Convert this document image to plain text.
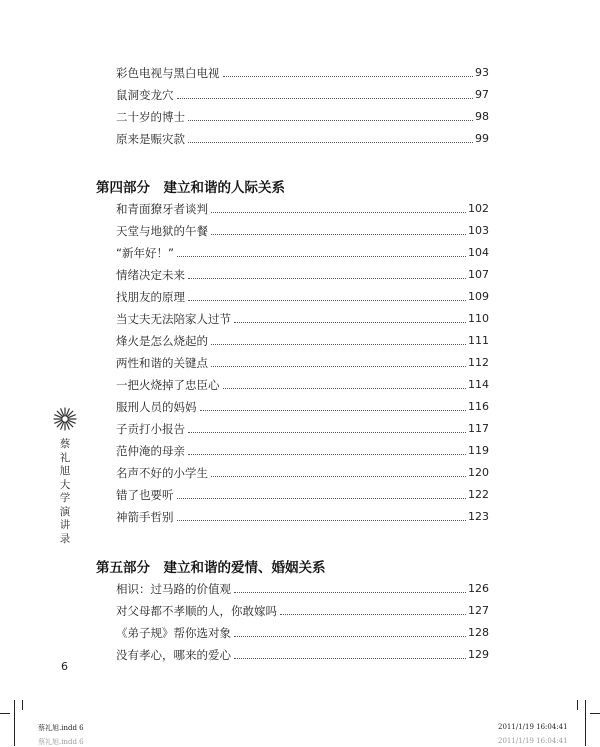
彩色电视与黑白电视	93
鼠洞变龙穴	97
二十岁的博士	98
原来是赈灾款	99
第四部分　建立和谐的人际关系
和青面獠牙者谈判	102
天堂与地狱的午餐	103
“新年好！”	104
情绪决定未来	107
找朋友的原理	109
当丈夫无法陪家人过节	110
烽火是怎么烧起的	111
两性和谐的关键点	112
一把火烧掉了忠臣心	114
服刑人员的妈妈	116
子贡打小报告	117
范仲淹的母亲	119
名声不好的小学生	120
错了也要听	122
神箭手哲别	123
第五部分　建立和谐的爱情、婚姻关系
相识：过马路的价值观	126
对父母都不孝顺的人，你敢嫁吗	127
《弟子规》帮你选对象	128
没有孝心，哪来的爱心	129
蔡
礼
旭
大
学
演
讲
录
6
蔡礼旭.indd 6	2011/1/19 16:04:41
蔡礼旭.indd 6	2011/1/19 16:04:41
